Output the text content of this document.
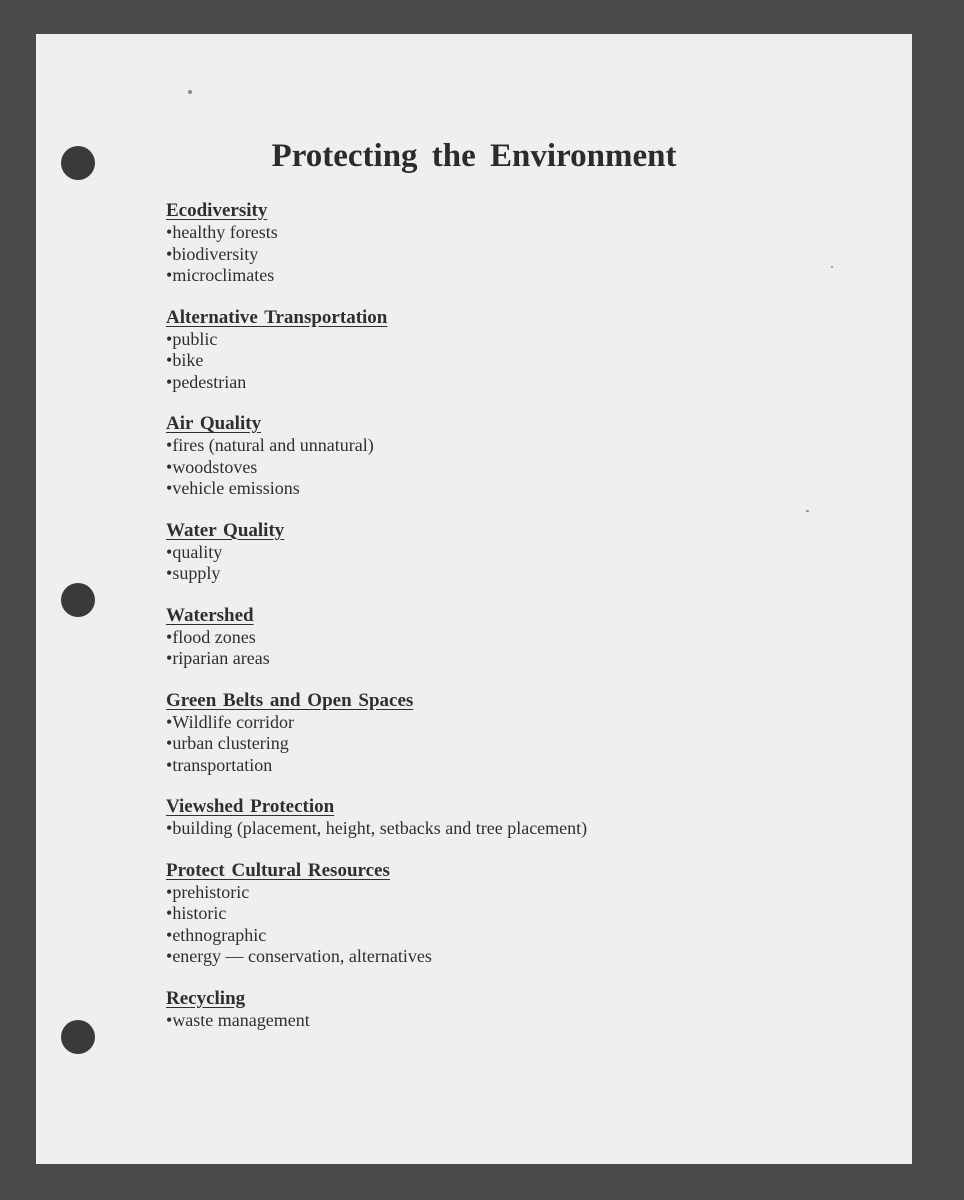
Protecting the Environment
Ecodiversity
• healthy forests
• biodiversity
• microclimates
Alternative Transportation
• public
• bike
• pedestrian
Air Quality
• fires (natural and unnatural)
• woodstoves
• vehicle emissions
Water Quality
• quality
• supply
Watershed
• flood zones
• riparian areas
Green Belts and Open Spaces
• Wildlife corridor
• urban clustering
• transportation
Viewshed Protection
• building (placement, height, setbacks and tree placement)
Protect Cultural Resources
• prehistoric
• historic
• ethnographic
• energy — conservation, alternatives
Recycling
• waste management
